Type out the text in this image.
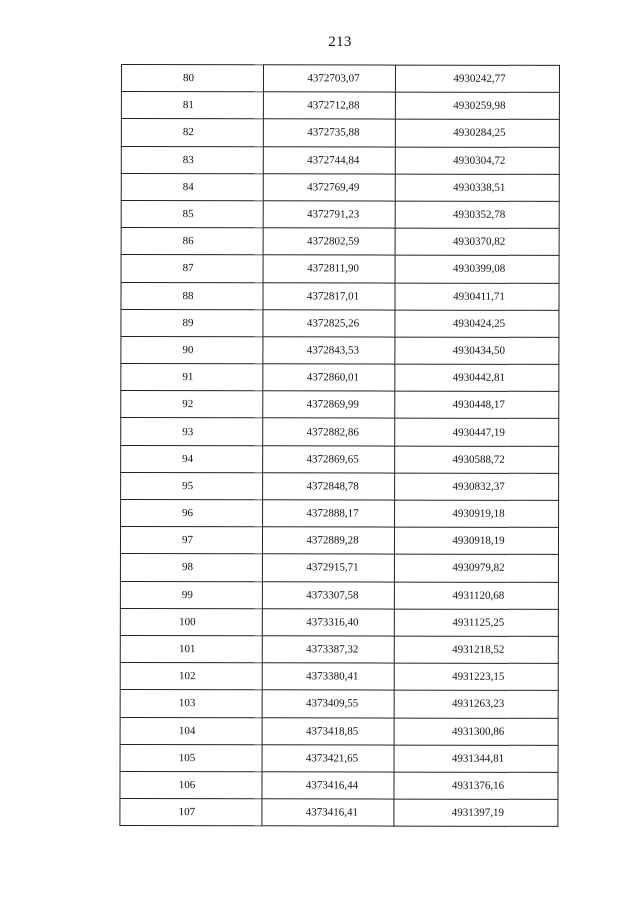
213
80	4372703,07	4930242,77
81	4372712,88	4930259,98
82	4372735,88	4930284,25
83	4372744,84	4930304,72
84	4372769,49	4930338,51
85	4372791,23	4930352,78
86	4372802,59	4930370,82
87	4372811,90	4930399,08
88	4372817,01	4930411,71
89	4372825,26	4930424,25
90	4372843,53	4930434,50
91	4372860,01	4930442,81
92	4372869,99	4930448,17
93	4372882,86	4930447,19
94	4372869,65	4930588,72
95	4372848,78	4930832,37
96	4372888,17	4930919,18
97	4372889,28	4930918,19
98	4372915,71	4930979,82
99	4373307,58	4931120,68
100	4373316,40	4931125,25
101	4373387,32	4931218,52
102	4373380,41	4931223,15
103	4373409,55	4931263,23
104	4373418,85	4931300,86
105	4373421,65	4931344,81
106	4373416,44	4931376,16
107	4373416,41	4931397,19
